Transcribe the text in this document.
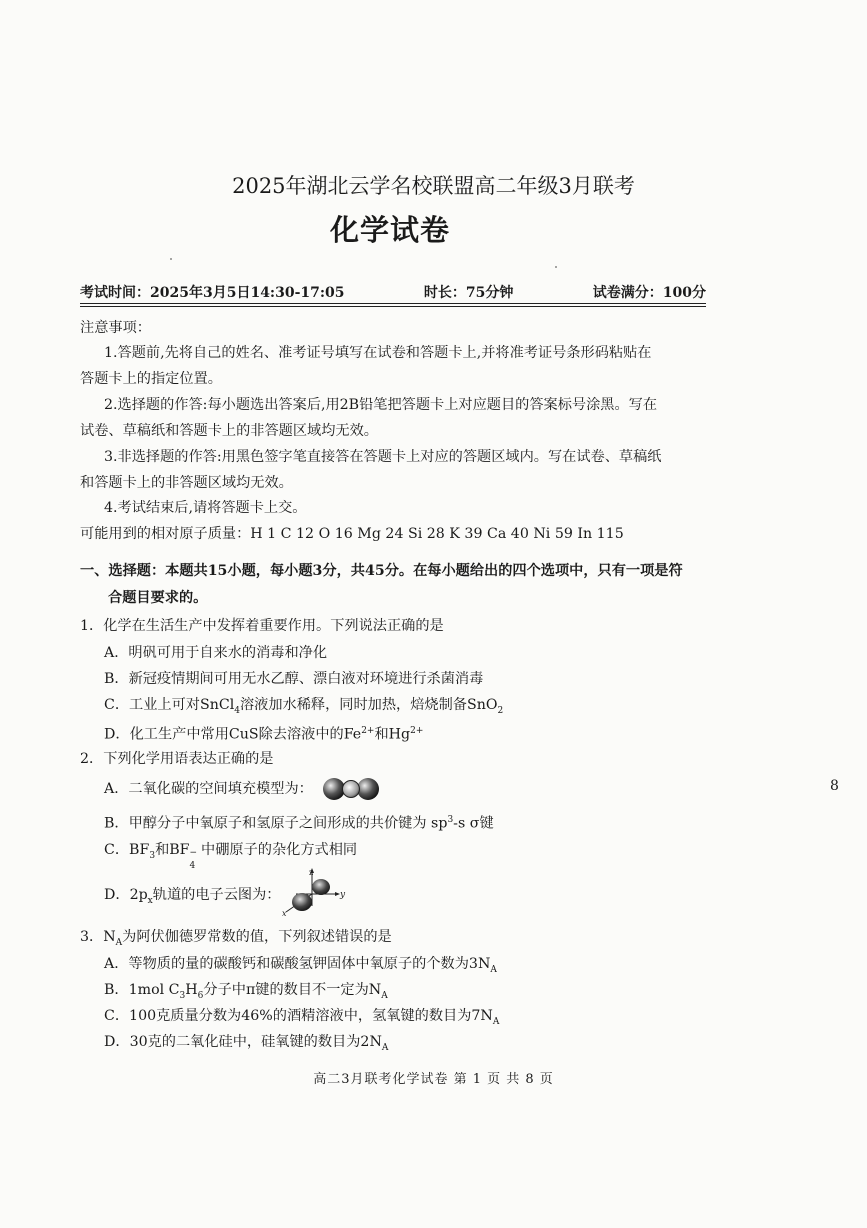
2025年湖北云学名校联盟高二年级3月联考
化学试卷
考试时间：2025年3月5日14:30-17:05	时长：75分钟	试卷满分：100分
注意事项：
1.答题前,先将自己的姓名、准考证号填写在试卷和答题卡上,并将准考证号条形码粘贴在
答题卡上的指定位置。
2.选择题的作答:每小题选出答案后,用2B铅笔把答题卡上对应题目的答案标号涂黑。写在
试卷、草稿纸和答题卡上的非答题区域均无效。
3.非选择题的作答:用黑色签字笔直接答在答题卡上对应的答题区域内。写在试卷、草稿纸
和答题卡上的非答题区域均无效。
4.考试结束后,请将答题卡上交。
可能用到的相对原子质量：H 1 C 12 O 16 Mg 24 Si 28 K 39 Ca 40 Ni 59 In 115
一、选择题：本题共15小题，每小题3分，共45分。在每小题给出的四个选项中，只有一项是符
合题目要求的。
1．化学在生活生产中发挥着重要作用。下列说法正确的是
A．明矾可用于自来水的消毒和净化
B．新冠疫情期间可用无水乙醇、漂白液对环境进行杀菌消毒
C．工业上可对SnCl$_4$溶液加水稀释，同时加热，焙烧制备SnO$_2$
D．化工生产中常用CuS除去溶液中的$Fe^{2+}$和$Hg^{2+}$
2．下列化学用语表达正确的是
A．二氧化碳的空间填充模型为：
B．甲醇分子中氧原子和氢原子之间形成的共价键为 $sp^3-s$ σ键
C．$BF_3$和BF −
4
中硼原子的杂化方式相同
D．$2p_x$轨道的电子云图为：
z
y
x
3．$N_A$为阿伏伽德罗常数的值，下列叙述错误的是
A．等物质的量的碳酸钙和碳酸氢钾固体中氧原子的个数为$3N_A$
B．1mol $C_3H_6$分子中π键的数目不一定为$N_A$
C．100克质量分数为46%的酒精溶液中，氢氧键的数目为$7N_A$
D．30克的二氧化硅中，硅氧键的数目为$2N_A$
8
高二3月联考化学试卷 第 1 页 共 8 页
